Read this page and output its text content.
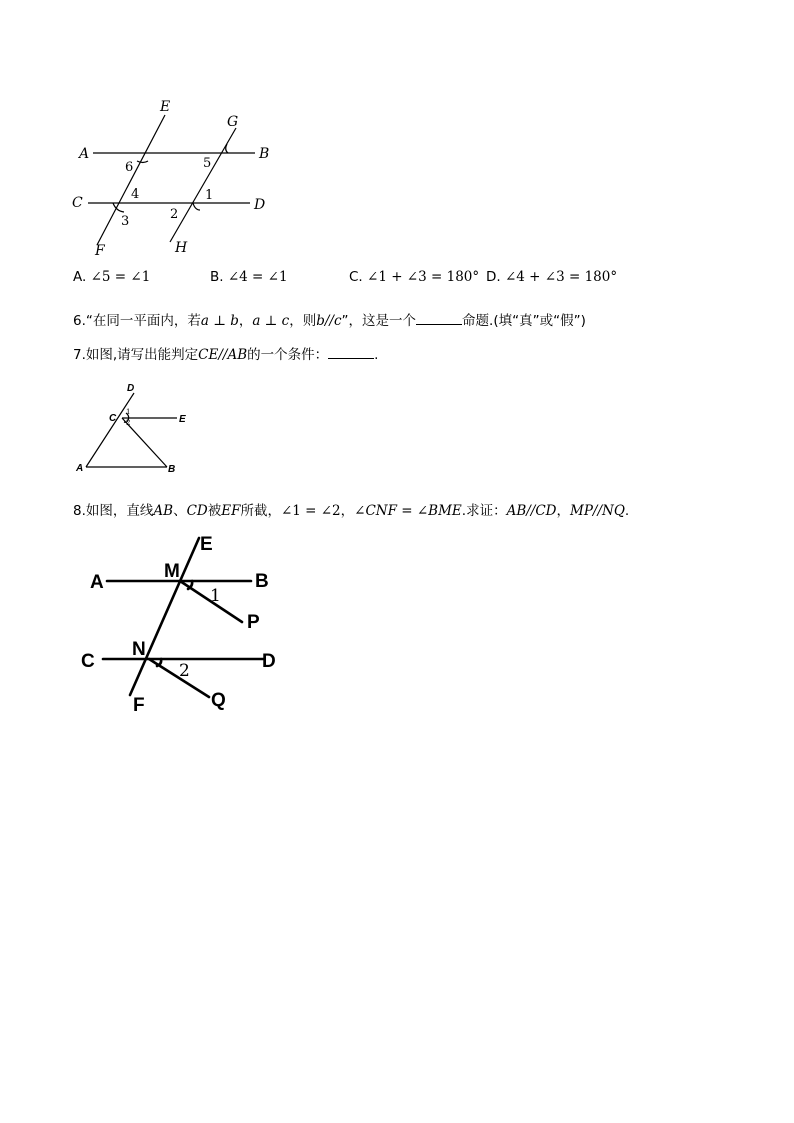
E
G
A	B
C	D
F	H
6	5
4	1
3	2
A. ∠5 = ∠1	B. ∠4 = ∠1	C. ∠1 + ∠3 = 180° D. ∠4 + ∠3 = 180°
6.“在同一平面内，若a ⊥ b，a ⊥ c，则b//c”，这是一个	命题.(填“真”或“假”)
7.如图,请写出能判定CE//AB的一个条件：	.
D
C	E
A	B
1
2
8.如图，直线AB、CD被EF所截，∠1 = ∠2，∠CNF = ∠BME.求证：AB//CD，MP//NQ.
A	B
C	D
E
F
M
N
P
Q
1
2
